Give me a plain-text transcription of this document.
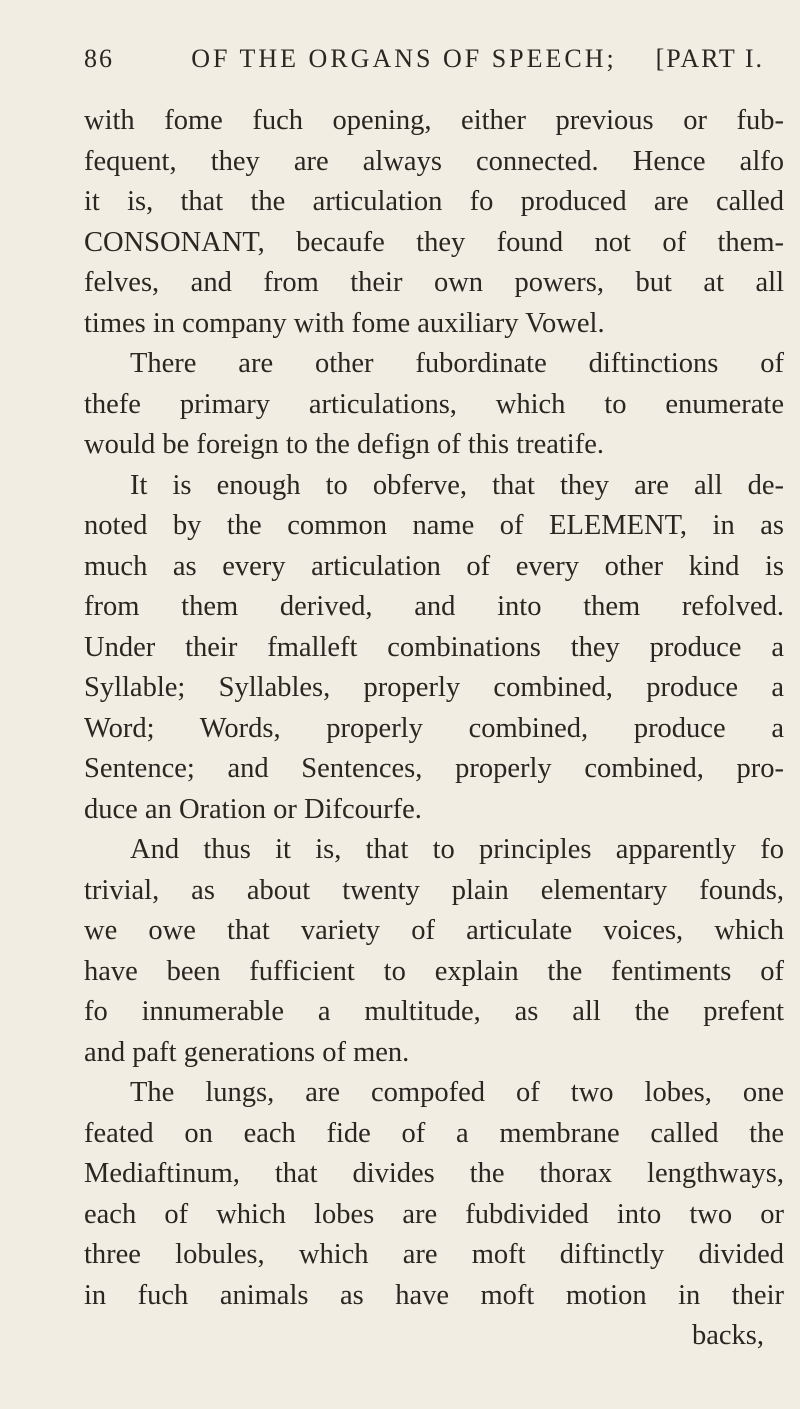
86	OF THE ORGANS OF SPEECH;	[PART I.
with fome fuch opening, either previous or fub-
fequent, they are always connected. Hence alfo
it is, that the articulation fo produced are called
CONSONANT, becaufe they found not of them-
felves, and from their own powers, but at all
times in company with fome auxiliary Vowel.
There are other fubordinate diftinctions of
thefe primary articulations, which to enumerate
would be foreign to the defign of this treatife.
It is enough to obferve, that they are all de-
noted by the common name of ELEMENT, in as
much as every articulation of every other kind is
from them derived, and into them refolved.
Under their fmalleft combinations they produce a
Syllable; Syllables, properly combined, produce a
Word; Words, properly combined, produce a
Sentence; and Sentences, properly combined, pro-
duce an Oration or Difcourfe.
And thus it is, that to principles apparently fo
trivial, as about twenty plain elementary founds,
we owe that variety of articulate voices, which
have been fufficient to explain the fentiments of
fo innumerable a multitude, as all the prefent
and paft generations of men.
The lungs, are compofed of two lobes, one
feated on each fide of a membrane called the
Mediaftinum, that divides the thorax lengthways,
each of which lobes are fubdivided into two or
three lobules, which are moft diftinctly divided
in fuch animals as have moft motion in their
backs,
